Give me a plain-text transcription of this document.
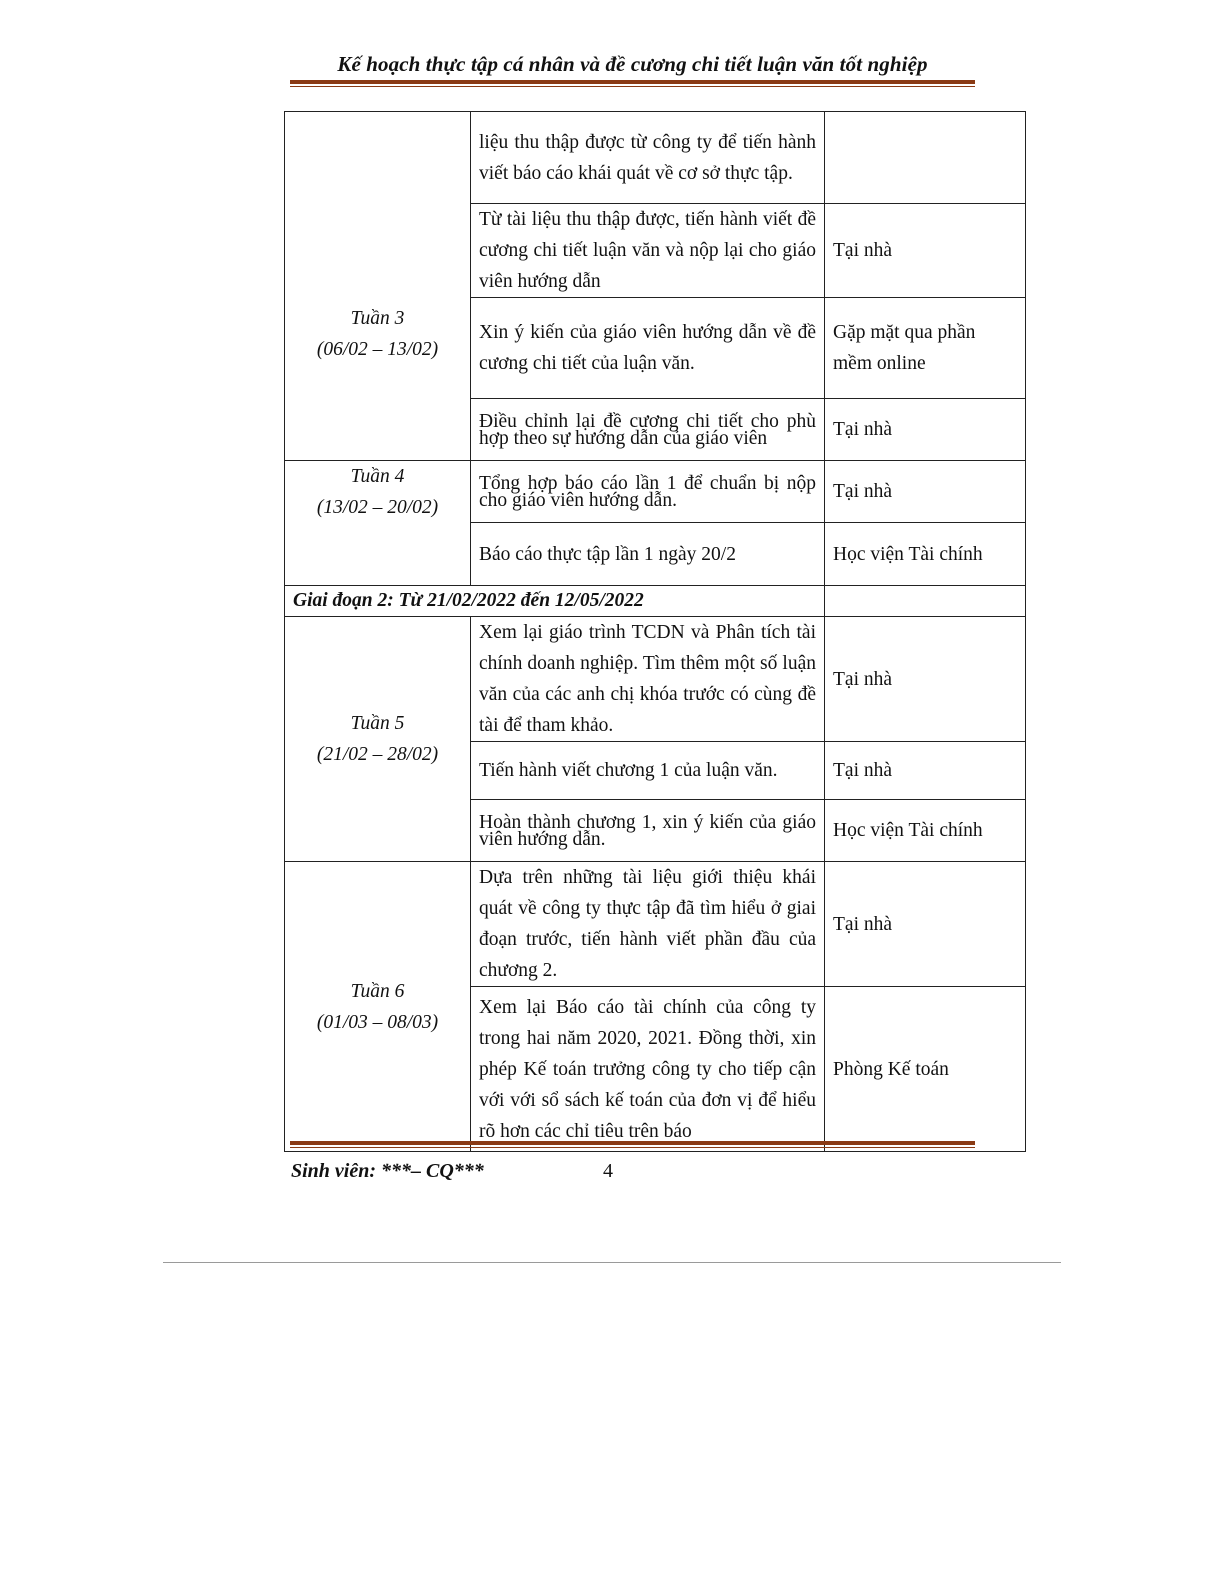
Kế hoạch thực tập cá nhân và đề cương chi tiết luận văn tốt nghiệp
Tuần 3
(06/02 – 13/02)	liệu thu thập được từ công ty để tiến hành viết báo cáo khái quát về cơ sở thực tập.	
	Từ tài liệu thu thập được, tiến hành viết đề cương chi tiết luận văn và nộp lại cho giáo viên hướng dẫn	Tại nhà
	Xin ý kiến của giáo viên hướng dẫn về đề cương chi tiết của luận văn.	Gặp mặt qua phần mềm online
	Điều chỉnh lại đề cương chi tiết cho phù hợp theo sự hướng dẫn của giáo viên	Tại nhà

Tuần 4
(13/02 – 20/02)	Tổng hợp báo cáo lần 1 để chuẩn bị nộp cho giáo viên hướng dẫn.	Tại nhà
	Báo cáo thực tập lần 1 ngày 20/2	Học viện Tài chính
Giai đoạn 2: Từ 21/02/2022 đến 12/05/2022		

Tuần 5
(21/02 – 28/02)	Xem lại giáo trình TCDN và Phân tích tài chính doanh nghiệp. Tìm thêm một số luận văn của các anh chị khóa trước có cùng đề tài để tham khảo.	Tại nhà
	Tiến hành viết chương 1 của luận văn.	Tại nhà
	Hoàn thành chương 1, xin ý kiến của giáo viên hướng dẫn.	Học viện Tài chính

Tuần 6
(01/03 – 08/03)	Dựa trên những tài liệu giới thiệu khái quát về công ty thực tập đã tìm hiểu ở giai đoạn trước, tiến hành viết phần đầu của chương 2.	Tại nhà
	Xem lại Báo cáo tài chính của công ty trong hai năm 2020, 2021. Đồng thời, xin phép Kế toán trưởng công ty cho tiếp cận với với sổ sách kế toán của đơn vị để hiểu rõ hơn các chỉ tiêu trên báo	Phòng Kế toán
Sinh viên: ***– CQ***	4
